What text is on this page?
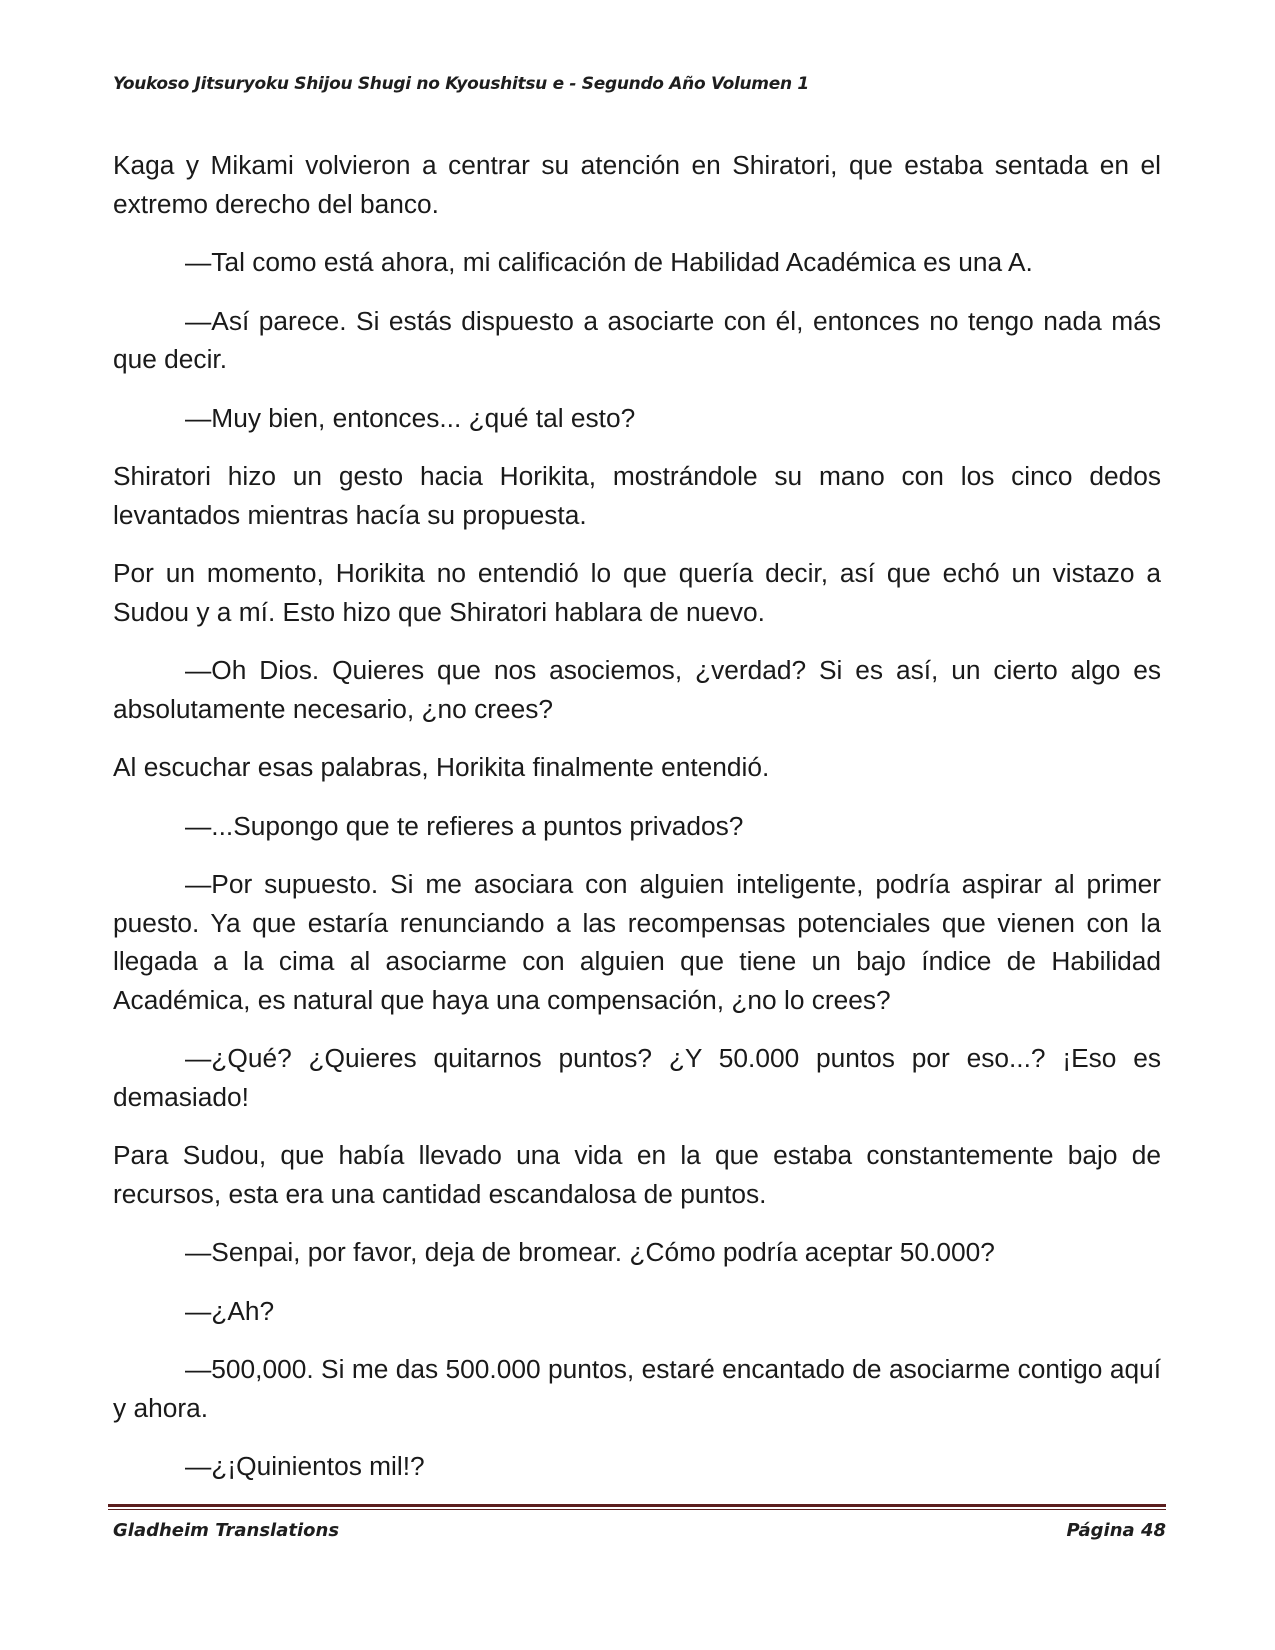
Youkoso Jitsuryoku Shijou Shugi no Kyoushitsu e - Segundo Año Volumen 1

Kaga y Mikami volvieron a centrar su atención en Shiratori, que estaba sentada en el extremo derecho del banco.

—Tal como está ahora, mi calificación de Habilidad Académica es una A.

—Así parece. Si estás dispuesto a asociarte con él, entonces no tengo nada más que decir.

—Muy bien, entonces... ¿qué tal esto?

Shiratori hizo un gesto hacia Horikita, mostrándole su mano con los cinco dedos levantados mientras hacía su propuesta.

Por un momento, Horikita no entendió lo que quería decir, así que echó un vistazo a Sudou y a mí. Esto hizo que Shiratori hablara de nuevo.

—Oh Dios. Quieres que nos asociemos, ¿verdad? Si es así, un cierto algo es absolutamente necesario, ¿no crees?

Al escuchar esas palabras, Horikita finalmente entendió.

—...Supongo que te refieres a puntos privados?

—Por supuesto. Si me asociara con alguien inteligente, podría aspirar al primer puesto. Ya que estaría renunciando a las recompensas potenciales que vienen con la llegada a la cima al asociarme con alguien que tiene un bajo índice de Habilidad Académica, es natural que haya una compensación, ¿no lo crees?

—¿Qué? ¿Quieres quitarnos puntos? ¿Y 50.000 puntos por eso...? ¡Eso es demasiado!

Para Sudou, que había llevado una vida en la que estaba constantemente bajo de recursos, esta era una cantidad escandalosa de puntos.

—Senpai, por favor, deja de bromear. ¿Cómo podría aceptar 50.000?

—¿Ah?

—500,000. Si me das 500.000 puntos, estaré encantado de asociarme contigo aquí y ahora.

—¿¡Quinientos mil!?

Gladheim Translations	Página 48
